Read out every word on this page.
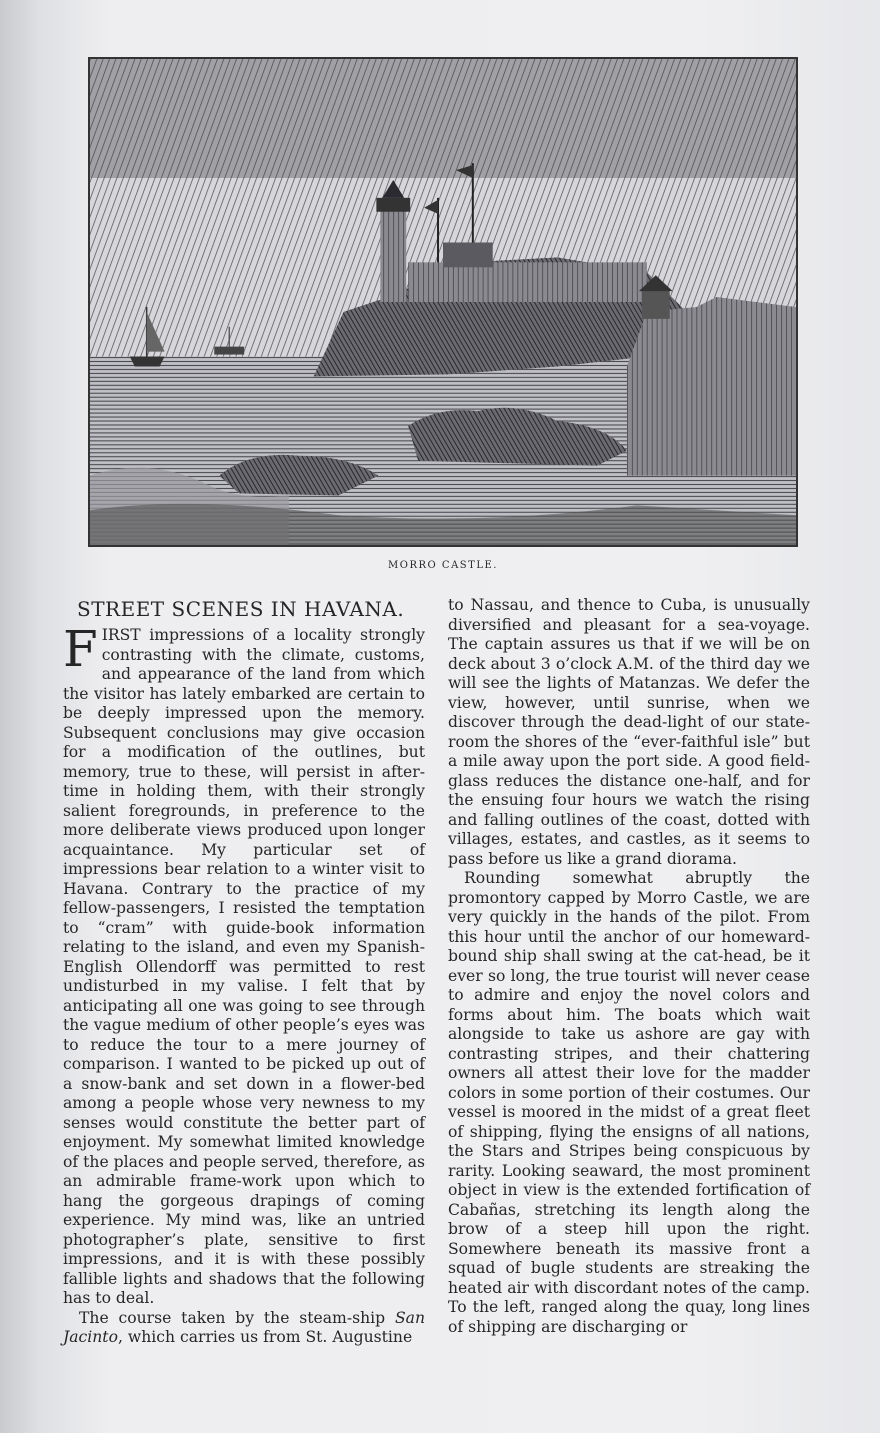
MORRO CASTLE.
STREET SCENES IN HAVANA.

FIRST impressions of a locality strongly contrasting with the climate, customs, and appearance of the land from which the visitor has lately embarked are certain to be deeply impressed upon the memory. Subsequent conclusions may give occasion for a modification of the outlines, but memory, true to these, will persist in after-time in holding them, with their strongly salient foregrounds, in preference to the more deliberate views produced upon longer acquaintance. My particular set of impressions bear relation to a winter visit to Havana. Contrary to the practice of my fellow-passengers, I resisted the temptation to “cram” with guide-book information relating to the island, and even my Spanish-English Ollendorff was permitted to rest undisturbed in my valise. I felt that by anticipating all one was going to see through the vague medium of other people’s eyes was to reduce the tour to a mere journey of comparison. I wanted to be picked up out of a snow-bank and set down in a flower-bed among a people whose very newness to my senses would constitute the better part of enjoyment. My somewhat limited knowledge of the places and people served, therefore, as an admirable frame-work upon which to hang the gorgeous drapings of coming experience. My mind was, like an untried photographer’s plate, sensitive to first impressions, and it is with these possibly fallible lights and shadows that the following has to deal.

The course taken by the steam-ship San Jacinto, which carries us from St. Augustine

to Nassau, and thence to Cuba, is unusually diversified and pleasant for a sea-voyage. The captain assures us that if we will be on deck about 3 o’clock A.M. of the third day we will see the lights of Matanzas. We defer the view, however, until sunrise, when we discover through the dead-light of our state-room the shores of the “ever-faithful isle” but a mile away upon the port side. A good field-glass reduces the distance one-half, and for the ensuing four hours we watch the rising and falling outlines of the coast, dotted with villages, estates, and castles, as it seems to pass before us like a grand diorama.

Rounding somewhat abruptly the promontory capped by Morro Castle, we are very quickly in the hands of the pilot. From this hour until the anchor of our homeward-bound ship shall swing at the cat-head, be it ever so long, the true tourist will never cease to admire and enjoy the novel colors and forms about him. The boats which wait alongside to take us ashore are gay with contrasting stripes, and their chattering owners all attest their love for the madder colors in some portion of their costumes. Our vessel is moored in the midst of a great fleet of shipping, flying the ensigns of all nations, the Stars and Stripes being conspicuous by rarity. Looking seaward, the most prominent object in view is the extended fortification of Cabañas, stretching its length along the brow of a steep hill upon the right. Somewhere beneath its massive front a squad of bugle students are streaking the heated air with discordant notes of the camp. To the left, ranged along the quay, long lines of shipping are discharging or
